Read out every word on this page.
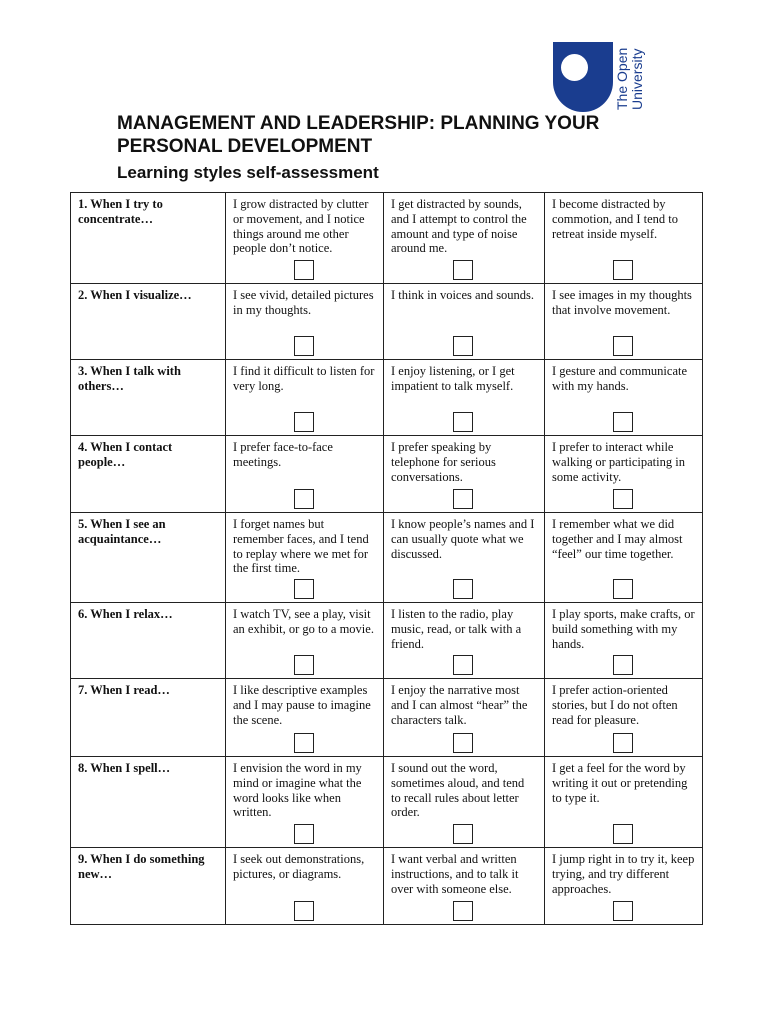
The Open University
MANAGEMENT AND LEADERSHIP: PLANNING YOUR PERSONAL DEVELOPMENT
Learning styles self-assessment
1. When I try to concentrate…	I grow distracted by clutter or movement, and I notice things around me other people don’t notice.	I get distracted by sounds, and I attempt to control the amount and type of noise around me.	I become distracted by commotion, and I tend to retreat inside myself.

2. When I visualize…	I see vivid, detailed pictures in my thoughts.	I think in voices and sounds.	I see images in my thoughts that involve movement.

3. When I talk with others…	I find it difficult to listen for very long.	I enjoy listening, or I get impatient to talk myself.	I gesture and communicate with my hands.

4. When I contact people…	I prefer face-to-face meetings.	I prefer speaking by telephone for serious conversations.	I prefer to interact while walking or participating in some activity.

5. When I see an acquaintance…	I forget names but remember faces, and I tend to replay where we met for the first time.	I know people’s names and I can usually quote what we discussed.	I remember what we did together and I may almost “feel” our time together.

6. When I relax…	I watch TV, see a play, visit an exhibit, or go to a movie.	I listen to the radio, play music, read, or talk with a friend.	I play sports, make crafts, or build something with my hands.

7. When I read…	I like descriptive examples and I may pause to imagine the scene.	I enjoy the narrative most and I can almost “hear” the characters talk.	I prefer action-oriented stories, but I do not often read for pleasure.

8. When I spell…	I envision the word in my mind or imagine what the word looks like when written.	I sound out the word, sometimes aloud, and tend to recall rules about letter order.	I get a feel for the word by writing it out or pretending to type it.

9. When I do something new…	I seek out demonstrations, pictures, or diagrams.	I want verbal and written instructions, and to talk it over with someone else.	I jump right in to try it, keep trying, and try different approaches.
